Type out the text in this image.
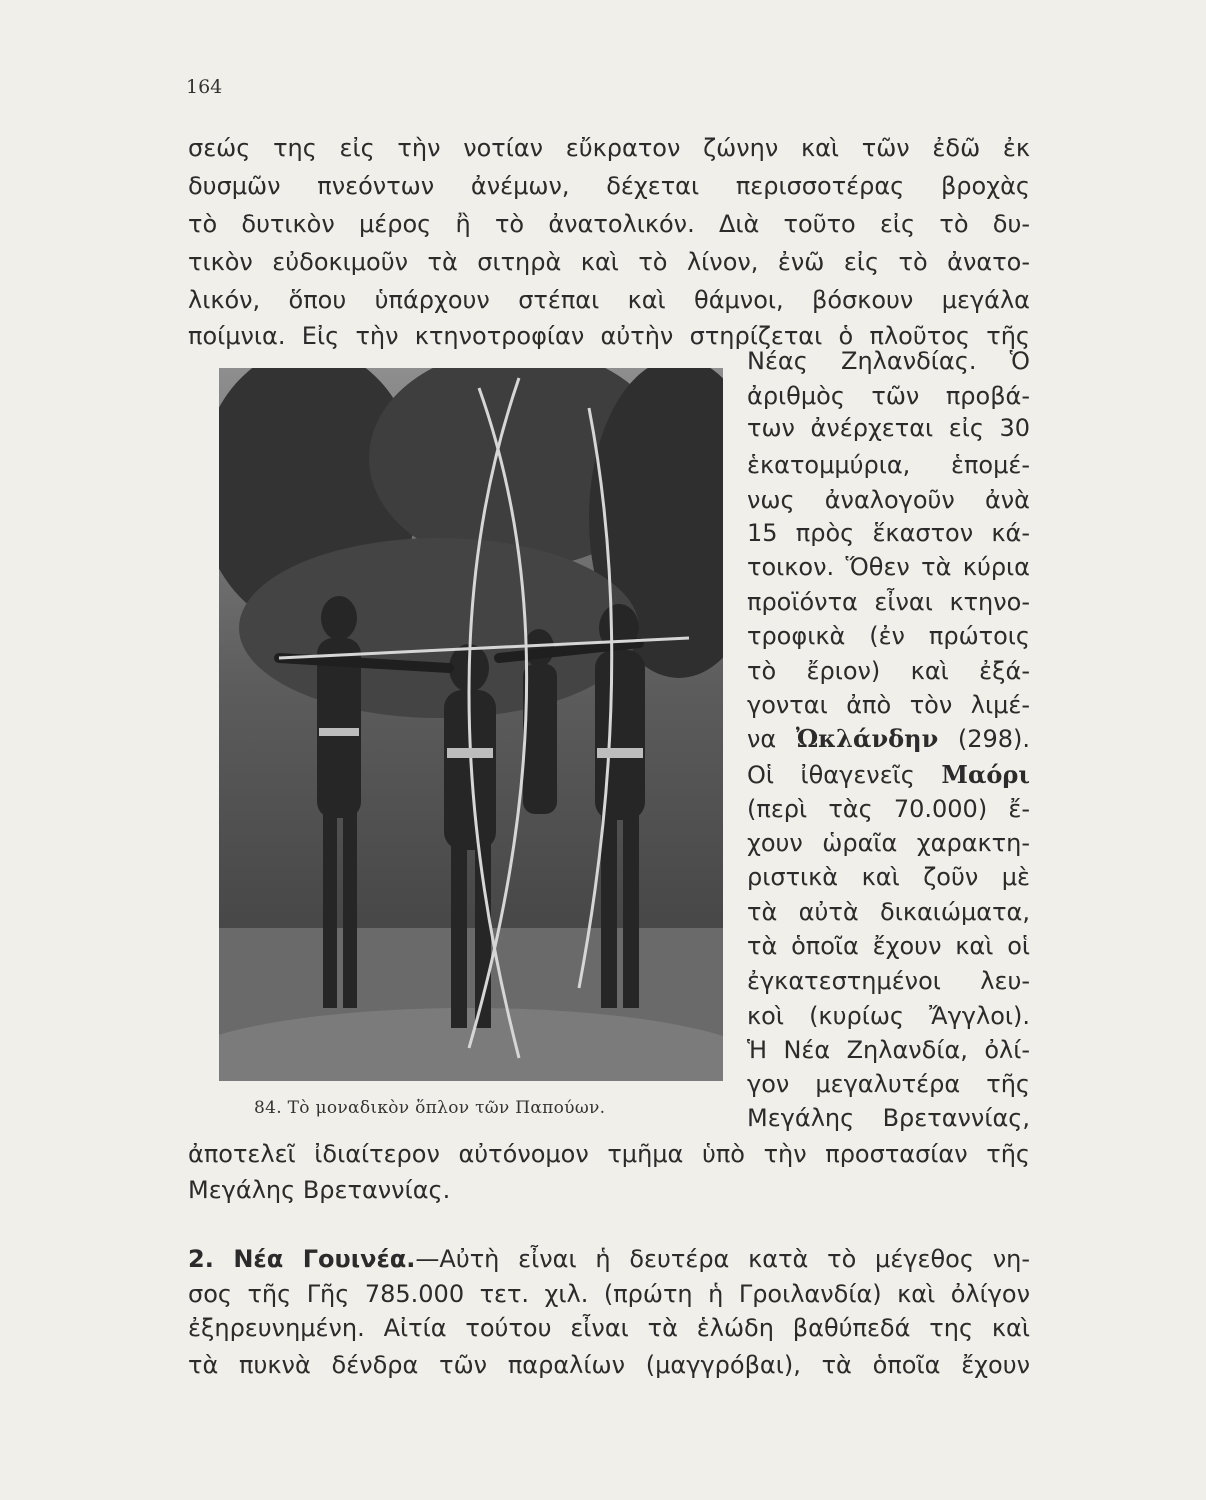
164
σεώς της εἰς τὴν νοτίαν εὔκρατον ζώνην καὶ τῶν ἐδῶ ἐκ
δυσμῶν πνεόντων ἀνέμων, δέχεται περισσοτέρας βροχὰς
τὸ δυτικὸν μέρος ἢ τὸ ἀνατολικόν. Διὰ τοῦτο εἰς τὸ δυ-
τικὸν εὐδοκιμοῦν τὰ σιτηρὰ καὶ τὸ λίνον, ἐνῶ εἰς τὸ ἀνατο-
λικόν, ὅπου ὑπάρχουν στέπαι καὶ θάμνοι, βόσκουν μεγάλα
ποίμνια. Εἰς τὴν κτηνοτροφίαν αὐτὴν στηρίζεται ὁ πλοῦτος τῆς
84. Τὸ μοναδικὸν ὅπλον τῶν Παπούων.
Νέας Ζηλανδίας. Ὁ
ἀριθμὸς τῶν προβά-
των ἀνέρχεται εἰς 30
ἑκατομμύρια, ἑπομέ-
νως ἀναλογοῦν ἀνὰ
15 πρὸς ἕκαστον κά-
τοικον. Ὅθεν τὰ κύρια
προϊόντα εἶναι κτηνο-
τροφικὰ (ἐν πρώτοις
τὸ ἔριον) καὶ ἐξά-
γονται ἀπὸ τὸν λιμέ-
να Ὠκλάνδην (298).
Οἱ ἰθαγενεῖς Μαόρι
(περὶ τὰς 70.000) ἔ-
χουν ὡραῖα χαρακτη-
ριστικὰ καὶ ζοῦν μὲ
τὰ αὐτὰ δικαιώματα,
τὰ ὁποῖα ἔχουν καὶ οἱ
ἐγκατεστημένοι λευ-
κοὶ (κυρίως Ἄγγλοι).
Ἡ Νέα Ζηλανδία, ὀλί-
γον μεγαλυτέρα τῆς
Μεγάλης Βρεταννίας,
ἀποτελεῖ ἰδιαίτερον αὐτόνομον τμῆμα ὑπὸ τὴν προστασίαν τῆς
Μεγάλης Βρεταννίας.
2. Νέα Γουινέα.—Αὐτὴ εἶναι ἡ δευτέρα κατὰ τὸ μέγεθος νη-
σος τῆς Γῆς 785.000 τετ. χιλ. (πρώτη ἡ Γροιλανδία) καὶ ὀλίγον
ἐξηρευνημένη. Αἰτία τούτου εἶναι τὰ ἑλώδη βαθύπεδά της καὶ
τὰ πυκνὰ δένδρα τῶν παραλίων (μαγγρόβαι), τὰ ὁποῖα ἔχουν
